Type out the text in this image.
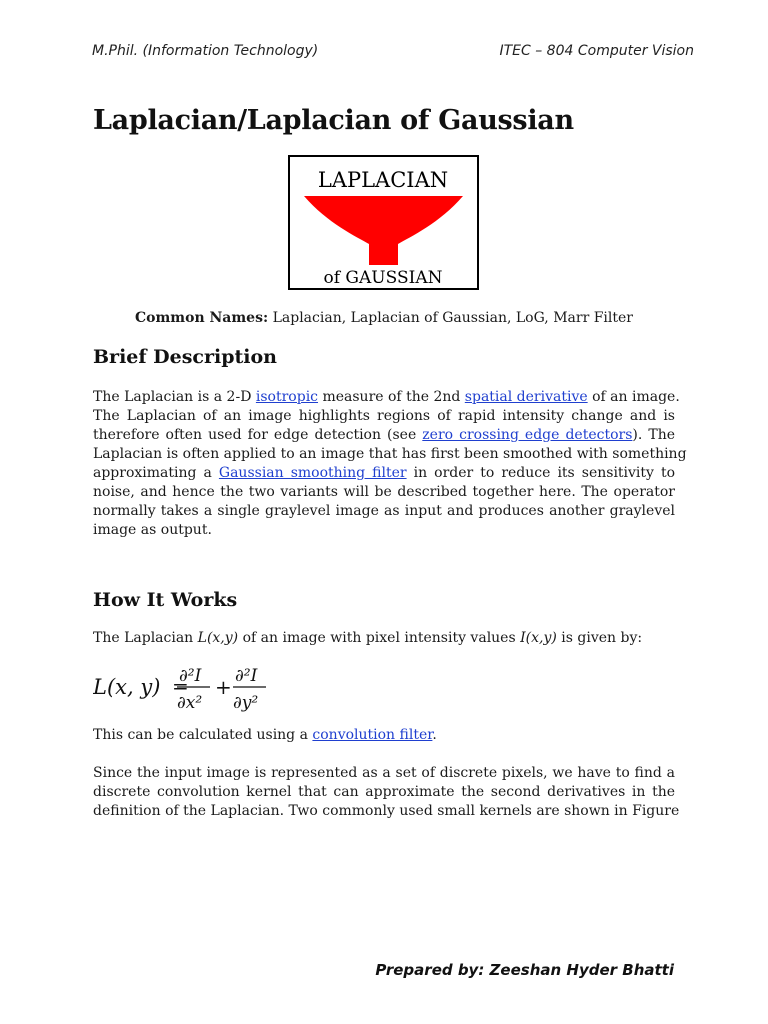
M.Phil. (Information Technology)	ITEC – 804 Computer Vision
Laplacian/Laplacian of Gaussian
LAPLACIAN
of GAUSSIAN
Common Names: Laplacian, Laplacian of Gaussian, LoG, Marr Filter
Brief Description
The Laplacian is a 2-D isotropic measure of the 2nd spatial derivative of an image.
The Laplacian of an image highlights regions of rapid intensity change and is
therefore often used for edge detection (see zero crossing edge detectors). The
Laplacian is often applied to an image that has first been smoothed with something
approximating a Gaussian smoothing filter in order to reduce its sensitivity to
noise, and hence the two variants will be described together here. The operator
normally takes a single graylevel image as input and produces another graylevel
image as output.
How It Works
The Laplacian L(x,y) of an image with pixel intensity values I(x,y) is given by:
L(x, y) =
∂²I
∂x²
+ ∂²I
∂y²
This can be calculated using a convolution filter.
Since the input image is represented as a set of discrete pixels, we have to find a
discrete convolution kernel that can approximate the second derivatives in the
definition of the Laplacian. Two commonly used small kernels are shown in Figure
Prepared by: Zeeshan Hyder Bhatti
